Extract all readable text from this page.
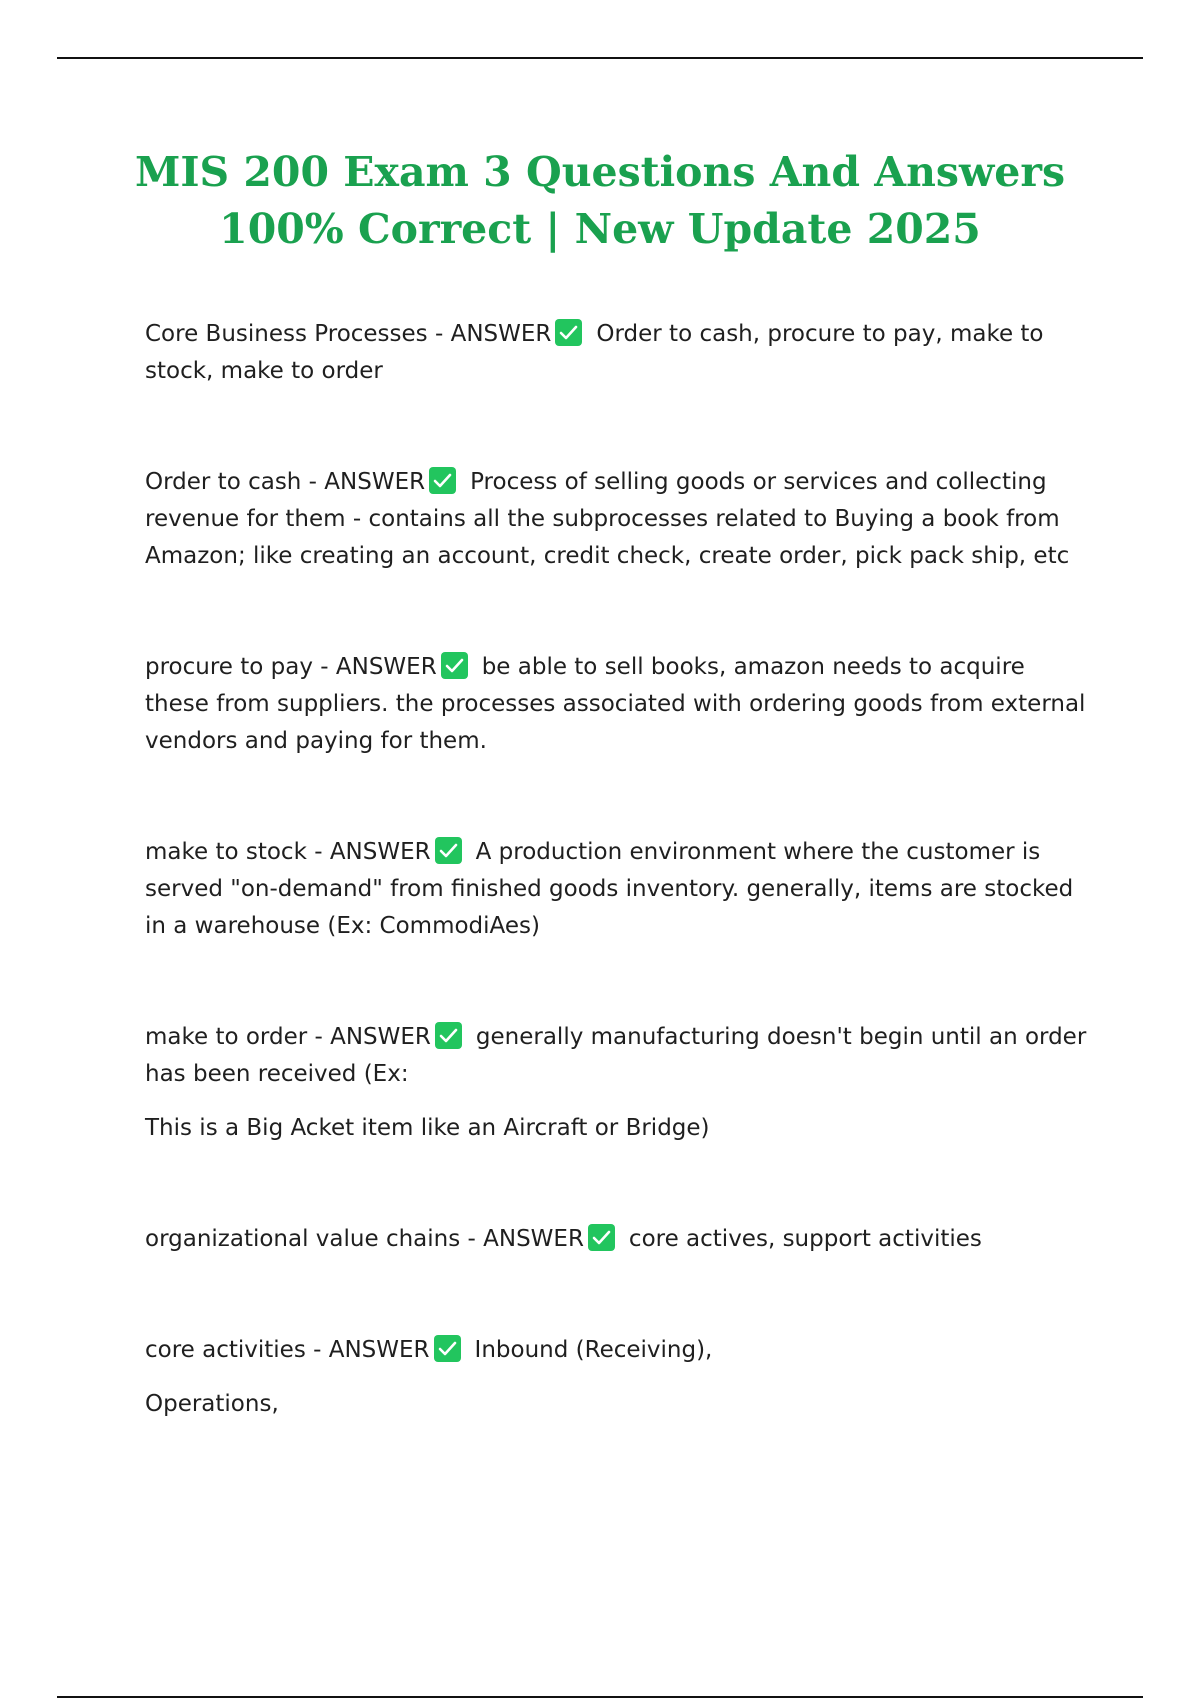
MIS 200 Exam 3 Questions And Answers
100% Correct | New Update 2025

Core Business Processes - ANSWER Order to cash, procure to pay, make to stock, make to order

Order to cash - ANSWER Process of selling goods or services and collecting revenue for them - contains all the subprocesses related to Buying a book from Amazon; like creating an account, credit check, create order, pick pack ship, etc

procure to pay - ANSWER be able to sell books, amazon needs to acquire these from suppliers. the processes associated with ordering goods from external vendors and paying for them.

make to stock - ANSWER A production environment where the customer is served "on-demand" from finished goods inventory. generally, items are stocked in a warehouse (Ex: CommodiAes)

make to order - ANSWER generally manufacturing doesn't begin until an order has been received (Ex:

This is a Big Acket item like an Aircraft or Bridge)

organizational value chains - ANSWER core actives, support activities

core activities - ANSWER Inbound (Receiving),

Operations,
